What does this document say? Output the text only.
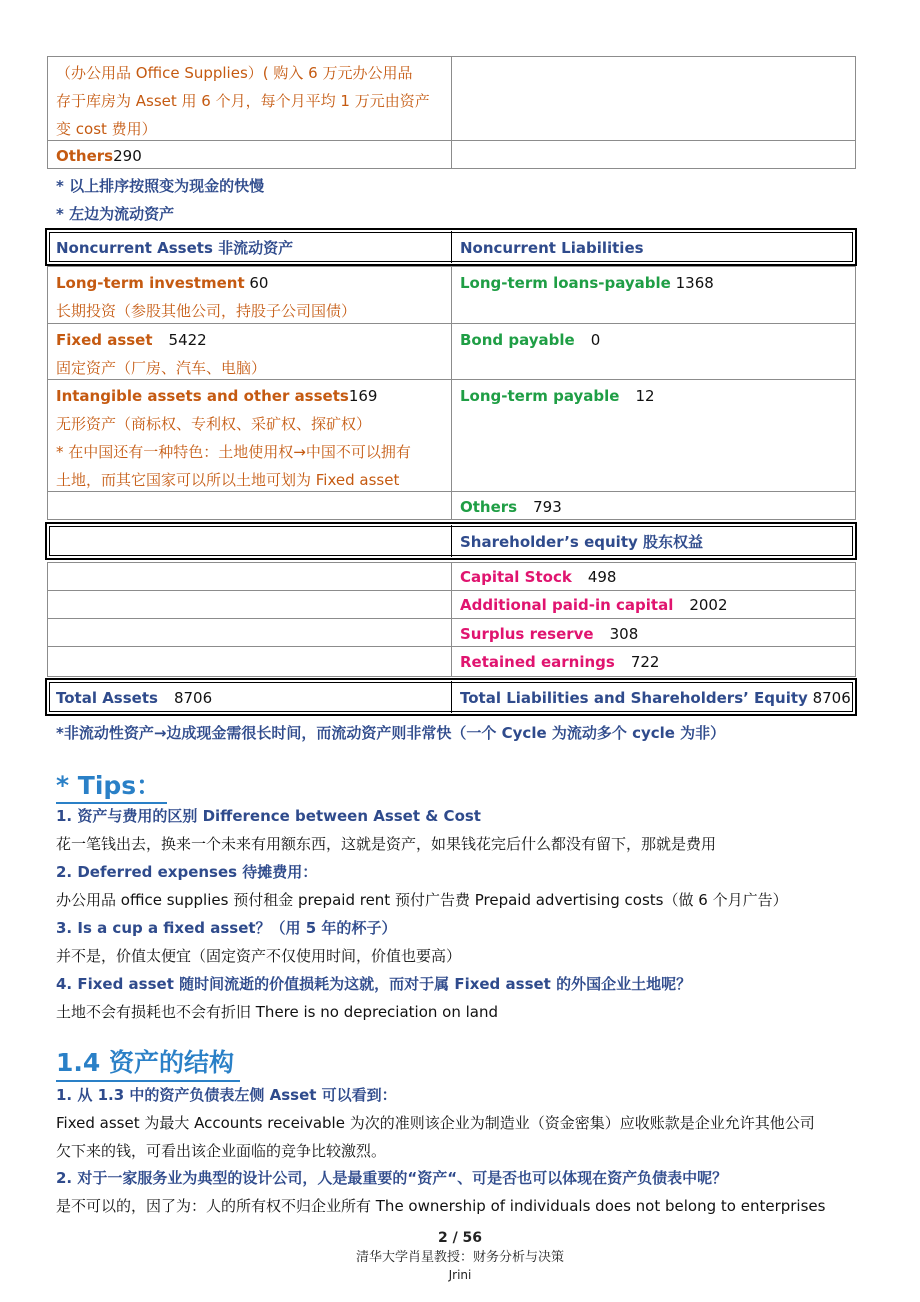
（办公用品 Office Supplies）( 购入 6 万元办公用品
存于库房为 Asset 用 6 个月，每个月平均 1 万元由资产
变 cost 费用）
Others290
* 以上排序按照变为现金的快慢
* 左边为流动资产
Noncurrent Assets 非流动资产	Noncurrent Liabilities
Long-term investment 60
长期投资（参股其他公司，持股子公司国债）
Long-term loans-payable 1368
Fixed asset 5422
固定资产（厂房、汽车、电脑）
Bond payable 0
Intangible assets and other assets169
无形资产（商标权、专利权、采矿权、探矿权）
* 在中国还有一种特色：土地使用权→中国不可以拥有
土地，而其它国家可以所以土地可划为 Fixed asset
Long-term payable 12
Others 793
Shareholder’s equity 股东权益
Capital Stock 498
Additional paid-in capital 2002
Surplus reserve 308
Retained earnings 722
Total Assets 8706	Total Liabilities and Shareholders’ Equity 8706
*非流动性资产→边成现金需很长时间，而流动资产则非常快（一个 Cycle 为流动多个 cycle 为非）
* Tips：
1. 资产与费用的区别 Difference between Asset & Cost
花一笔钱出去，换来一个未来有用额东西，这就是资产，如果钱花完后什么都没有留下，那就是费用
2. Deferred expenses 待摊费用：
办公用品 office supplies 预付租金 prepaid rent 预付广告费 Prepaid advertising costs（做 6 个月广告）
3. Is a cup a fixed asset？（用 5 年的杯子）
并不是，价值太便宜（固定资产不仅使用时间，价值也要高）
4. Fixed asset 随时间流逝的价值损耗为这就，而对于属 Fixed asset 的外国企业土地呢？
土地不会有损耗也不会有折旧 There is no depreciation on land
1.4 资产的结构
1. 从 1.3 中的资产负债表左侧 Asset 可以看到：
Fixed asset 为最大 Accounts receivable 为次的准则该企业为制造业（资金密集）应收账款是企业允许其他公司
欠下来的钱，可看出该企业面临的竞争比较激烈。
2. 对于一家服务业为典型的设计公司，人是最重要的“资产“、可是否也可以体现在资产负债表中呢？
是不可以的，因了为：人的所有权不归企业所有 The ownership of individuals does not belong to enterprises
2 / 56
清华大学肖星教授：财务分析与决策
Jrini
